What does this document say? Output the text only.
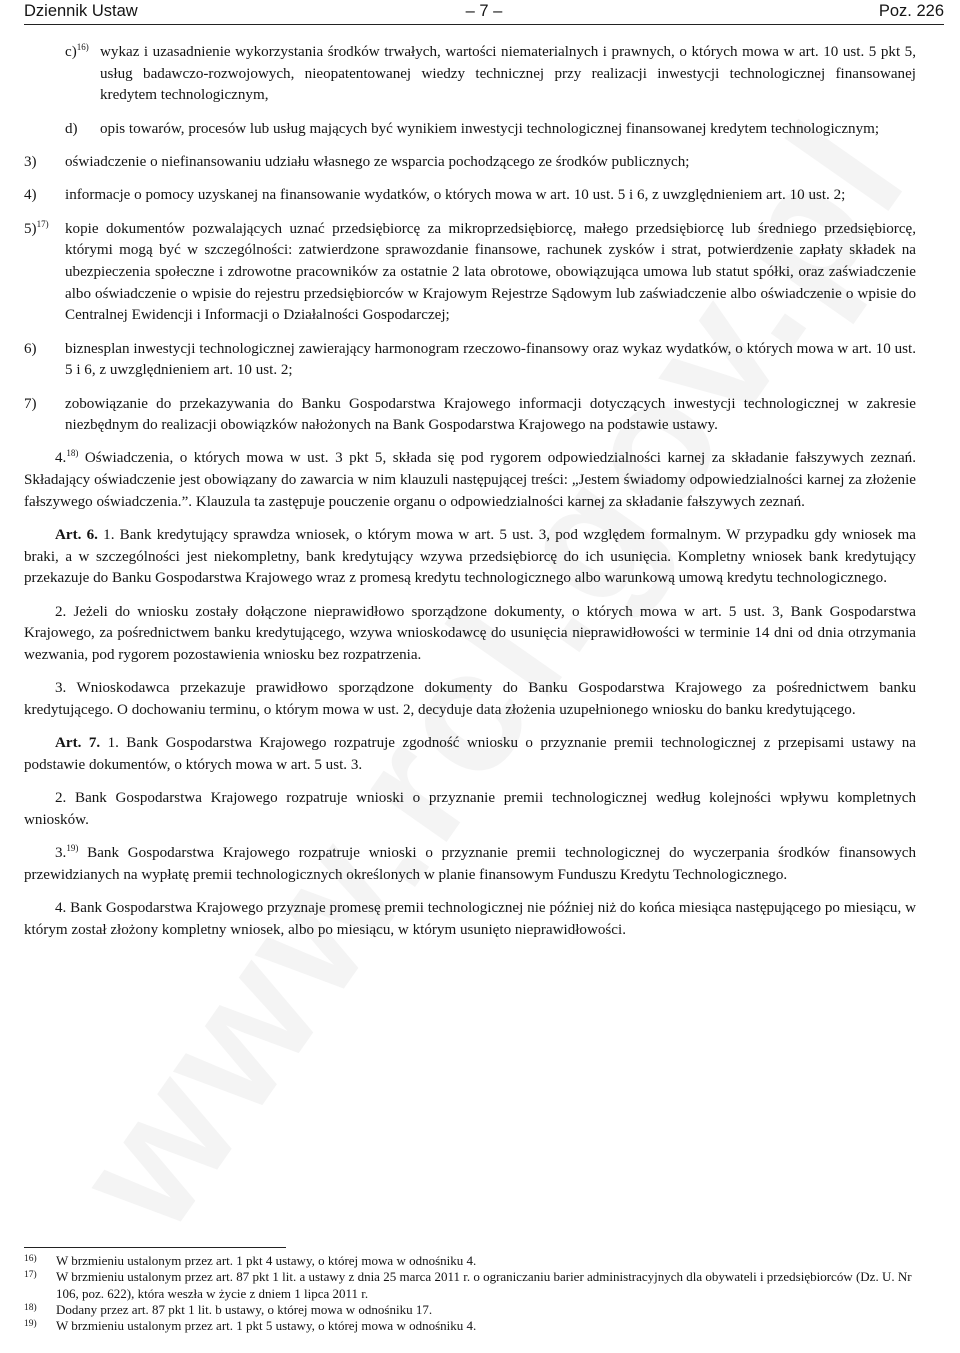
Dziennik Ustaw	– 7 –	Poz. 226
c)$^{16)}$ wykaz i uzasadnienie wykorzystania środków trwałych, wartości niematerialnych i prawnych, o których mowa w art. 10 ust. 5 pkt 5, usług badawczo-rozwojowych, nieopatentowanej wiedzy technicznej przy realizacji inwestycji technologicznej finansowanej kredytem technologicznym,
d) opis towarów, procesów lub usług mających być wynikiem inwestycji technologicznej finansowanej kredytem technologicznym;
3) oświadczenie o niefinansowaniu udziału własnego ze wsparcia pochodzącego ze środków publicznych;
4) informacje o pomocy uzyskanej na finansowanie wydatków, o których mowa w art. 10 ust. 5 i 6, z uwzględnieniem art. 10 ust. 2;
5)$^{17)}$ kopie dokumentów pozwalających uznać przedsiębiorcę za mikroprzedsiębiorcę, małego przedsiębiorcę lub średniego przedsiębiorcę, którymi mogą być w szczególności: zatwierdzone sprawozdanie finansowe, rachunek zysków i strat, potwierdzenie zapłaty składek na ubezpieczenia społeczne i zdrowotne pracowników za ostatnie 2 lata obrotowe, obowiązująca umowa lub statut spółki, oraz zaświadczenie albo oświadczenie o wpisie do rejestru przedsiębiorców w Krajowym Rejestrze Sądowym lub zaświadczenie albo oświadczenie o wpisie do Centralnej Ewidencji i Informacji o Działalności Gospodarczej;
6) biznesplan inwestycji technologicznej zawierający harmonogram rzeczowo-finansowy oraz wykaz wydatków, o których mowa w art. 10 ust. 5 i 6, z uwzględnieniem art. 10 ust. 2;
7) zobowiązanie do przekazywania do Banku Gospodarstwa Krajowego informacji dotyczących inwestycji technologicznej w zakresie niezbędnym do realizacji obowiązków nałożonych na Bank Gospodarstwa Krajowego na podstawie ustawy.
4.$^{18)}$ Oświadczenia, o których mowa w ust. 3 pkt 5, składa się pod rygorem odpowiedzialności karnej za składanie fałszywych zeznań. Składający oświadczenie jest obowiązany do zawarcia w nim klauzuli następującej treści: „Jestem świadomy odpowiedzialności karnej za złożenie fałszywego oświadczenia.”. Klauzula ta zastępuje pouczenie organu o odpowiedzialności karnej za składanie fałszywych zeznań.
Art. 6. 1. Bank kredytujący sprawdza wniosek, o którym mowa w art. 5 ust. 3, pod względem formalnym. W przypadku gdy wniosek ma braki, a w szczególności jest niekompletny, bank kredytujący wzywa przedsiębiorcę do ich usunięcia. Kompletny wniosek bank kredytujący przekazuje do Banku Gospodarstwa Krajowego wraz z promesą kredytu technologicznego albo warunkową umową kredytu technologicznego.
2. Jeżeli do wniosku zostały dołączone nieprawidłowo sporządzone dokumenty, o których mowa w art. 5 ust. 3, Bank Gospodarstwa Krajowego, za pośrednictwem banku kredytującego, wzywa wnioskodawcę do usunięcia nieprawidłowości w terminie 14 dni od dnia otrzymania wezwania, pod rygorem pozostawienia wniosku bez rozpatrzenia.
3. Wnioskodawca przekazuje prawidłowo sporządzone dokumenty do Banku Gospodarstwa Krajowego za pośrednictwem banku kredytującego. O dochowaniu terminu, o którym mowa w ust. 2, decyduje data złożenia uzupełnionego wniosku do banku kredytującego.
Art. 7. 1. Bank Gospodarstwa Krajowego rozpatruje zgodność wniosku o przyznanie premii technologicznej z przepisami ustawy na podstawie dokumentów, o których mowa w art. 5 ust. 3.
2. Bank Gospodarstwa Krajowego rozpatruje wnioski o przyznanie premii technologicznej według kolejności wpływu kompletnych wniosków.
3.$^{19)}$ Bank Gospodarstwa Krajowego rozpatruje wnioski o przyznanie premii technologicznej do wyczerpania środków finansowych przewidzianych na wypłatę premii technologicznych określonych w planie finansowym Funduszu Kredytu Technologicznego.
4. Bank Gospodarstwa Krajowego przyznaje promesę premii technologicznej nie później niż do końca miesiąca następującego po miesiącu, w którym został złożony kompletny wniosek, albo po miesiącu, w którym usunięto nieprawidłowości.
16) W brzmieniu ustalonym przez art. 1 pkt 4 ustawy, o której mowa w odnośniku 4.
17) W brzmieniu ustalonym przez art. 87 pkt 1 lit. a ustawy z dnia 25 marca 2011 r. o ograniczaniu barier administracyjnych dla obywateli i przedsiębiorców (Dz. U. Nr 106, poz. 622), która weszła w życie z dniem 1 lipca 2011 r.
18) Dodany przez art. 87 pkt 1 lit. b ustawy, o której mowa w odnośniku 17.
19) W brzmieniu ustalonym przez art. 1 pkt 5 ustawy, o której mowa w odnośniku 4.
